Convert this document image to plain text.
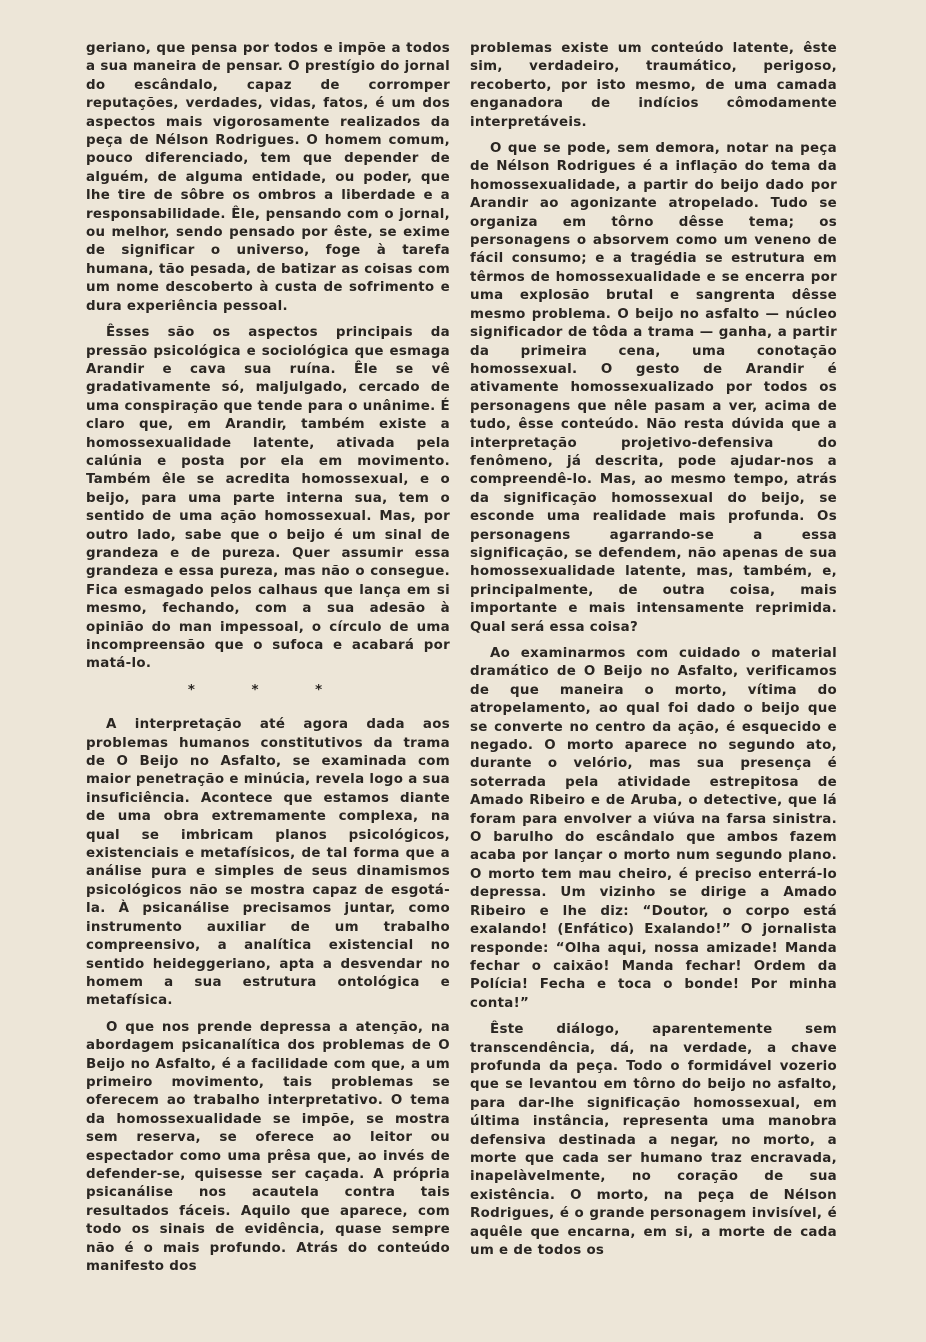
geriano, que pensa por todos e impõe a todos a sua maneira de pensar. O prestígio do jornal do escândalo, capaz de corromper reputações, verdades, vidas, fatos, é um dos aspectos mais vigorosamente realizados da peça de Nélson Rodrigues. O homem comum, pouco diferenciado, tem que depender de alguém, de alguma entidade, ou poder, que lhe tire de sôbre os ombros a liberdade e a responsabilidade. Êle, pensando com o jornal, ou melhor, sendo pensado por êste, se exime de significar o universo, foge à tarefa humana, tão pesada, de batizar as coisas com um nome descoberto à custa de sofrimento e dura experiência pessoal.

Êsses são os aspectos principais da pressão psicológica e sociológica que esmaga Arandir e cava sua ruína. Êle se vê gradativamente só, maljulgado, cercado de uma conspiração que tende para o unânime. É claro que, em Arandir, também existe a homossexualidade latente, ativada pela calúnia e posta por ela em movimento. Também êle se acredita homossexual, e o beijo, para uma parte interna sua, tem o sentido de uma ação homossexual. Mas, por outro lado, sabe que o beijo é um sinal de grandeza e de pureza. Quer assumir essa grandeza e essa pureza, mas não o consegue. Fica esmagado pelos calhaus que lança em si mesmo, fechando, com a sua adesão à opinião do man impessoal, o círculo de uma incompreensão que o sufoca e acabará por matá-lo.

* * *

A interpretação até agora dada aos problemas humanos constitutivos da trama de O Beijo no Asfalto, se examinada com maior penetração e minúcia, revela logo a sua insuficiência. Acontece que estamos diante de uma obra extremamente complexa, na qual se imbricam planos psicológicos, existenciais e metafísicos, de tal forma que a análise pura e simples de seus dinamismos psicológicos não se mostra capaz de esgotá-la. À psicanálise precisamos juntar, como instrumento auxiliar de um trabalho compreensivo, a analítica existencial no sentido heideggeriano, apta a desvendar no homem a sua estrutura ontológica e metafísica.

O que nos prende depressa a atenção, na abordagem psicanalítica dos problemas de O Beijo no Asfalto, é a facilidade com que, a um primeiro movimento, tais problemas se oferecem ao trabalho interpretativo. O tema da homossexualidade se impõe, se mostra sem reserva, se oferece ao leitor ou espectador como uma prêsa que, ao invés de defender-se, quisesse ser caçada. A própria psicanálise nos acautela contra tais resultados fáceis. Aquilo que aparece, com todo os sinais de evidência, quase sempre não é o mais profundo. Atrás do conteúdo manifesto dos

problemas existe um conteúdo latente, êste sim, verdadeiro, traumático, perigoso, recoberto, por isto mesmo, de uma camada enganadora de indícios cômodamente interpretáveis.

O que se pode, sem demora, notar na peça de Nélson Rodrigues é a inflação do tema da homossexualidade, a partir do beijo dado por Arandir ao agonizante atropelado. Tudo se organiza em tôrno dêsse tema; os personagens o absorvem como um veneno de fácil consumo; e a tragédia se estrutura em têrmos de homossexualidade e se encerra por uma explosão brutal e sangrenta dêsse mesmo problema. O beijo no asfalto — núcleo significador de tôda a trama — ganha, a partir da primeira cena, uma conotação homossexual. O gesto de Arandir é ativamente homossexualizado por todos os personagens que nêle pasam a ver, acima de tudo, êsse conteúdo. Não resta dúvida que a interpretação projetivo-defensiva do fenômeno, já descrita, pode ajudar-nos a compreendê-lo. Mas, ao mesmo tempo, atrás da significação homossexual do beijo, se esconde uma realidade mais profunda. Os personagens agarrando-se a essa significação, se defendem, não apenas de sua homossexualidade latente, mas, também, e, principalmente, de outra coisa, mais importante e mais intensamente reprimida. Qual será essa coisa?

Ao examinarmos com cuidado o material dramático de O Beijo no Asfalto, verificamos de que maneira o morto, vítima do atropelamento, ao qual foi dado o beijo que se converte no centro da ação, é esquecido e negado. O morto aparece no segundo ato, durante o velório, mas sua presença é soterrada pela atividade estrepitosa de Amado Ribeiro e de Aruba, o detective, que lá foram para envolver a viúva na farsa sinistra. O barulho do escândalo que ambos fazem acaba por lançar o morto num segundo plano. O morto tem mau cheiro, é preciso enterrá-lo depressa. Um vizinho se dirige a Amado Ribeiro e lhe diz: “Doutor, o corpo está exalando! (Enfático) Exalando!” O jornalista responde: “Olha aqui, nossa amizade! Manda fechar o caixão! Manda fechar! Ordem da Polícia! Fecha e toca o bonde! Por minha conta!”

Êste diálogo, aparentemente sem transcendência, dá, na verdade, a chave profunda da peça. Todo o formidável vozerio que se levantou em tôrno do beijo no asfalto, para dar-lhe significação homossexual, em última instância, representa uma manobra defensiva destinada a negar, no morto, a morte que cada ser humano traz encravada, inapelàvelmente, no coração de sua existência. O morto, na peça de Nélson Rodrigues, é o grande personagem invisível, é aquêle que encarna, em si, a morte de cada um e de todos os
